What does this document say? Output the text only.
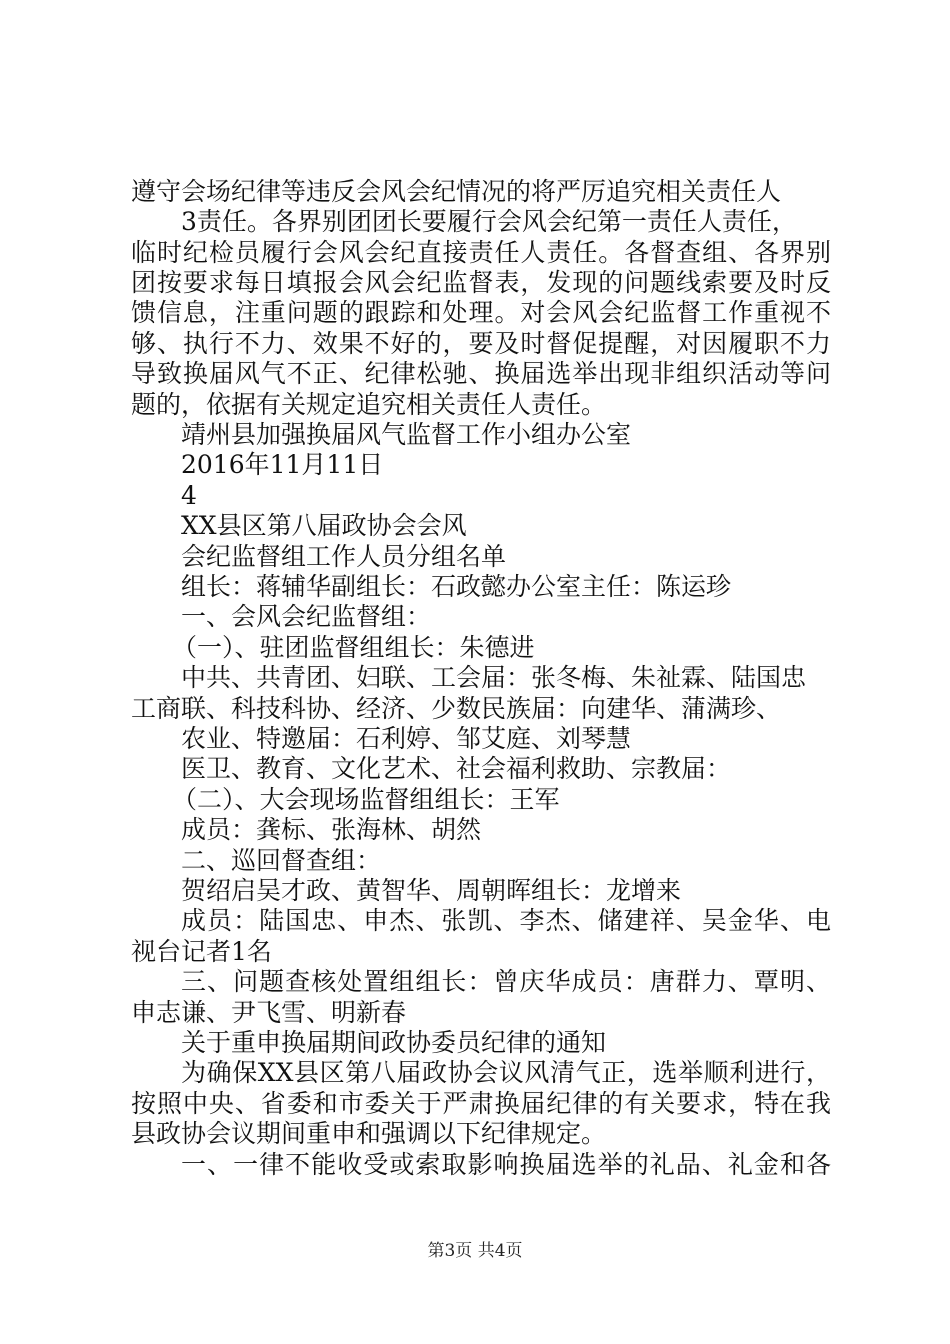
遵守会场纪律等违反会风会纪情况的将严厉追究相关责任人
3责任。各界别团团长要履行会风会纪第一责任人责任，
临时纪检员履行会风会纪直接责任人责任。各督查组、各界别
团按要求每日填报会风会纪监督表，发现的问题线索要及时反
馈信息，注重问题的跟踪和处理。对会风会纪监督工作重视不
够、执行不力、效果不好的，要及时督促提醒，对因履职不力
导致换届风气不正、纪律松驰、换届选举出现非组织活动等问
题的，依据有关规定追究相关责任人责任。
靖州县加强换届风气监督工作小组办公室
2016年11月11日
4
XX县区第八届政协会会风
会纪监督组工作人员分组名单
组长：蒋辅华副组长：石政懿办公室主任：陈运珍
一、会风会纪监督组：
（一）、驻团监督组组长：朱德进
中共、共青团、妇联、工会届：张冬梅、朱祉霖、陆国忠
工商联、科技科协、经济、少数民族届：向建华、蒲满珍、
农业、特邀届：石利婷、邹艾庭、刘琴慧
医卫、教育、文化艺术、社会福利救助、宗教届：
（二）、大会现场监督组组长：王军
成员：龚标、张海林、胡然
二、巡回督查组：
贺绍启吴才政、黄智华、周朝晖组长：龙增来
成员：陆国忠、申杰、张凯、李杰、储建祥、吴金华、电
视台记者1名
三、问题查核处置组组长：曾庆华成员：唐群力、覃明、
申志谦、尹飞雪、明新春
关于重申换届期间政协委员纪律的通知
为确保XX县区第八届政协会议风清气正，选举顺利进行，
按照中央、省委和市委关于严肃换届纪律的有关要求，特在我
县政协会议期间重申和强调以下纪律规定。
一、一律不能收受或索取影响换届选举的礼品、礼金和各
第3页 共4页
